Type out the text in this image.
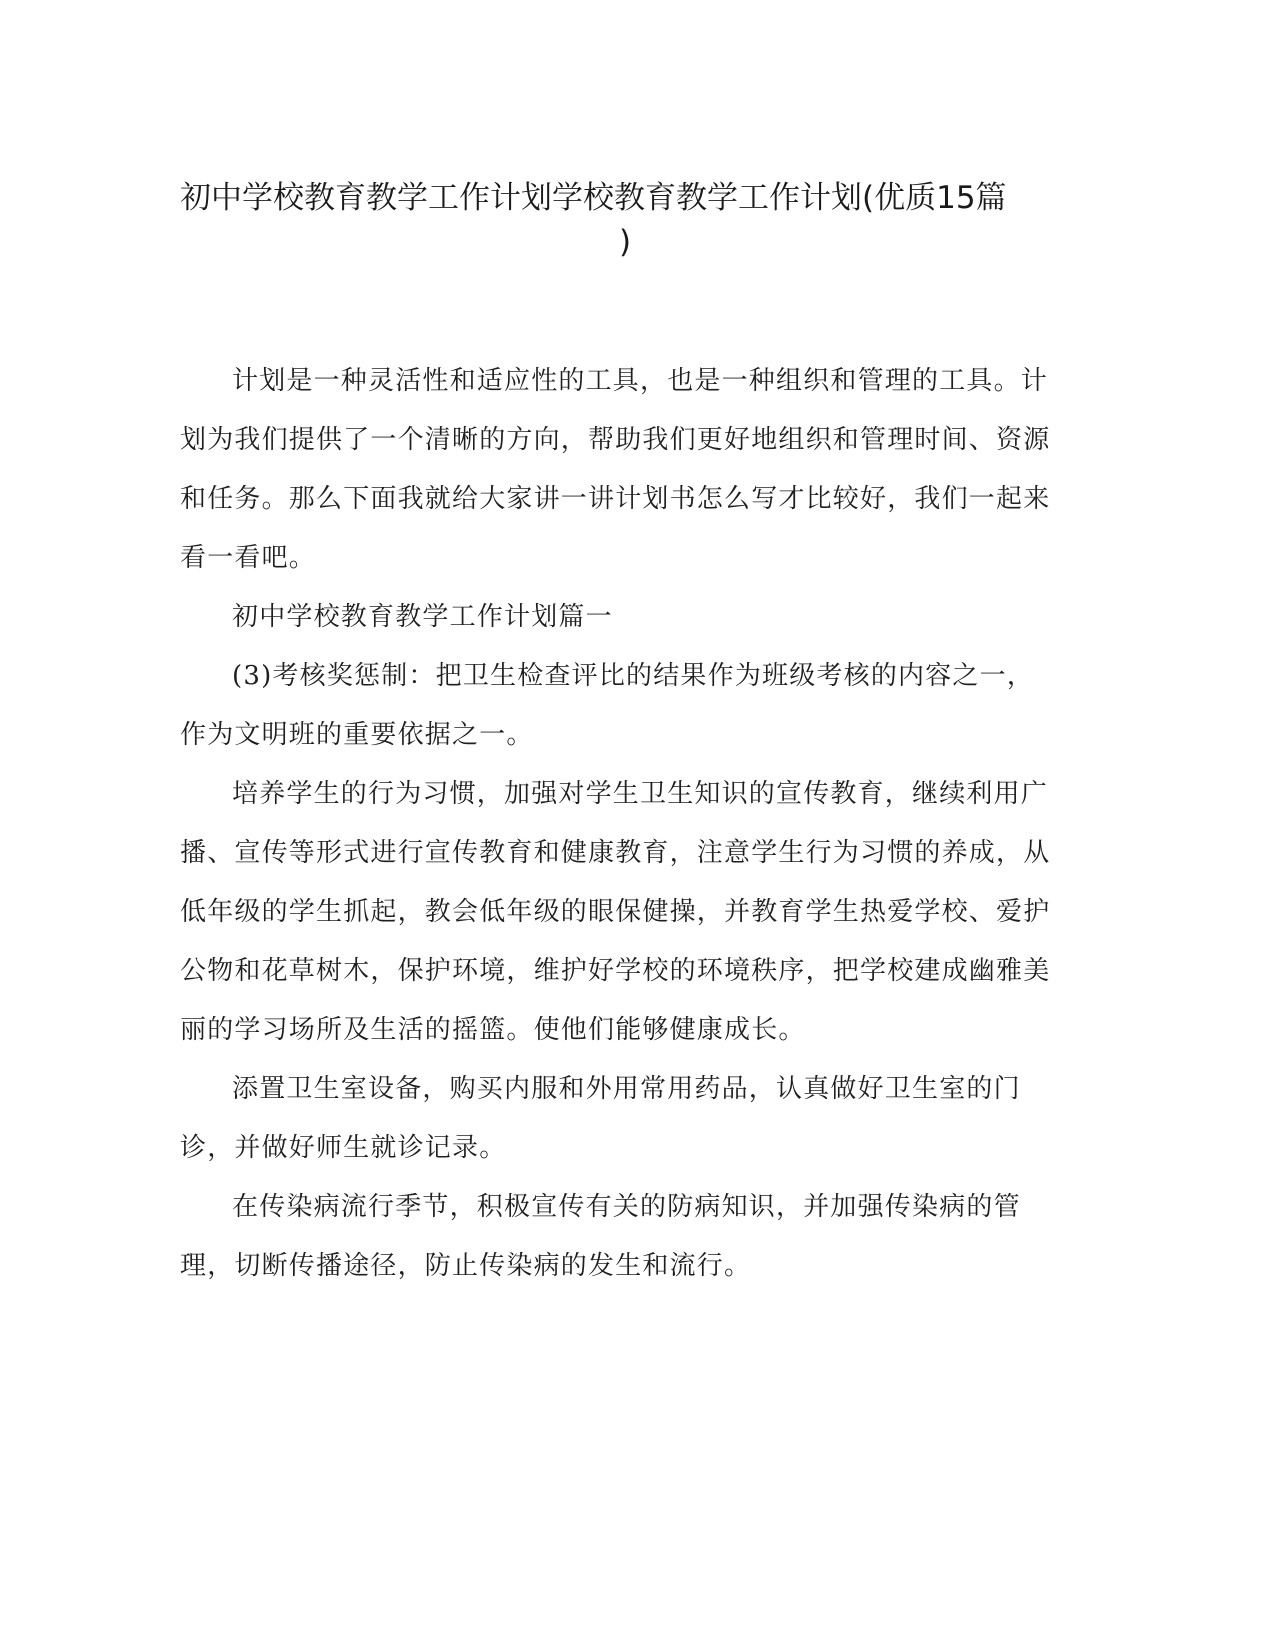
初中学校教育教学工作计划学校教育教学工作计划(优质15篇
)

计划是一种灵活性和适应性的工具，也是一种组织和管理的工具。计划为我们提供了一个清晰的方向，帮助我们更好地组织和管理时间、资源和任务。那么下面我就给大家讲一讲计划书怎么写才比较好，我们一起来看一看吧。

初中学校教育教学工作计划篇一

(3)考核奖惩制：把卫生检查评比的结果作为班级考核的内容之一，作为文明班的重要依据之一。

培养学生的行为习惯，加强对学生卫生知识的宣传教育，继续利用广播、宣传等形式进行宣传教育和健康教育，注意学生行为习惯的养成，从低年级的学生抓起，教会低年级的眼保健操，并教育学生热爱学校、爱护公物和花草树木，保护环境，维护好学校的环境秩序，把学校建成幽雅美丽的学习场所及生活的摇篮。使他们能够健康成长。

添置卫生室设备，购买内服和外用常用药品，认真做好卫生室的门诊，并做好师生就诊记录。

在传染病流行季节，积极宣传有关的防病知识，并加强传染病的管理，切断传播途径，防止传染病的发生和流行。
